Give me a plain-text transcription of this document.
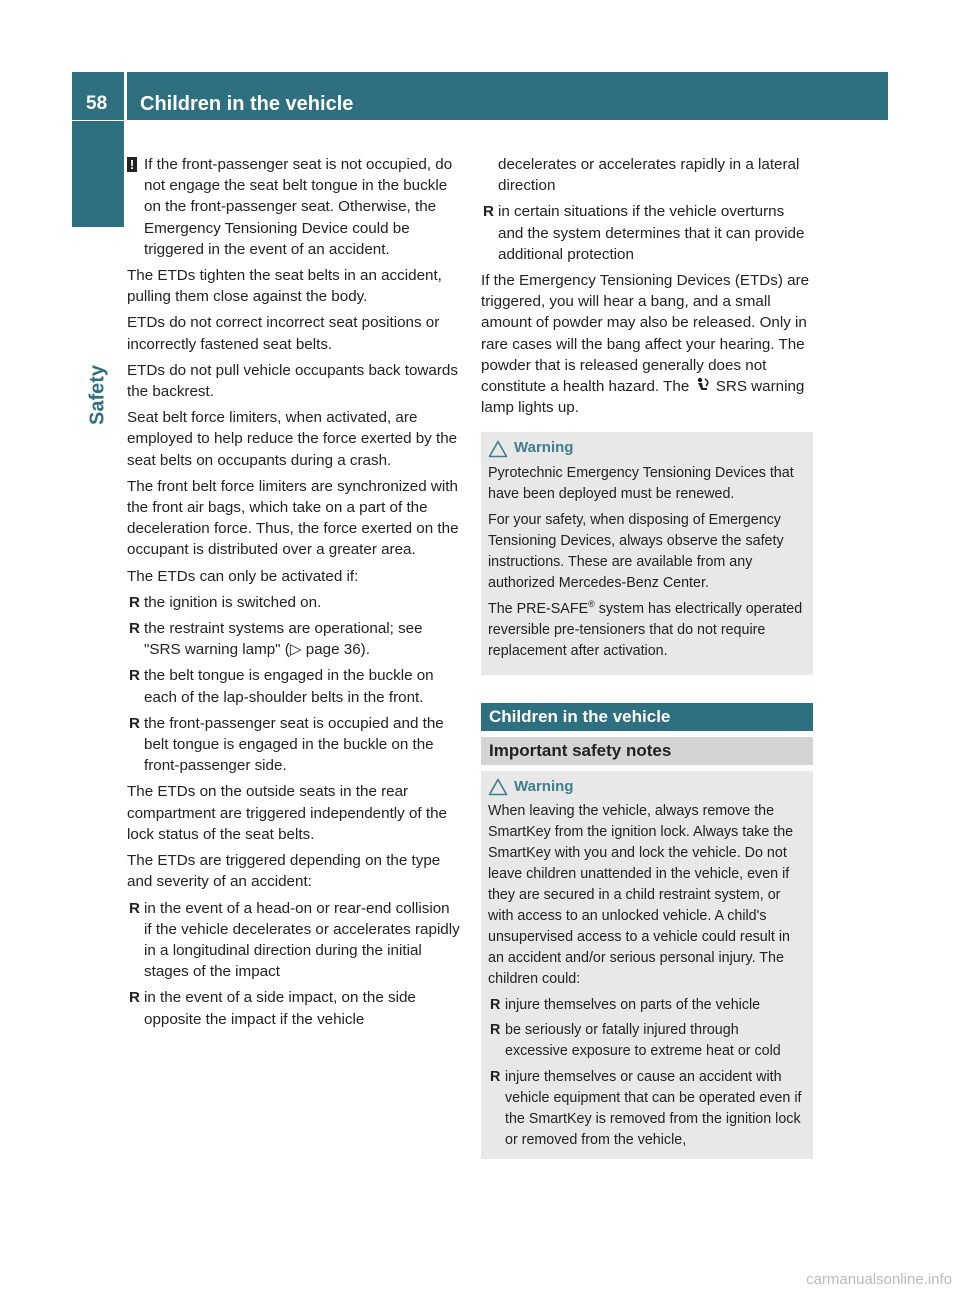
58	Children in the vehicle
Safety
! If the front-passenger seat is not occupied, do not engage the seat belt tongue in the buckle on the front-passenger seat. Otherwise, the Emergency Tensioning Device could be triggered in the event of an accident.

The ETDs tighten the seat belts in an accident, pulling them close against the body.

ETDs do not correct incorrect seat positions or incorrectly fastened seat belts.

ETDs do not pull vehicle occupants back towards the backrest.

Seat belt force limiters, when activated, are employed to help reduce the force exerted by the seat belts on occupants during a crash.

The front belt force limiters are synchronized with the front air bags, which take on a part of the deceleration force. Thus, the force exerted on the occupant is distributed over a greater area.

The ETDs can only be activated if:

R the ignition is switched on.
R the restraint systems are operational; see "SRS warning lamp" (▷ page 36).
R the belt tongue is engaged in the buckle on each of the lap-shoulder belts in the front.
R the front-passenger seat is occupied and the belt tongue is engaged in the buckle on the front-passenger side.

The ETDs on the outside seats in the rear compartment are triggered independently of the lock status of the seat belts.

The ETDs are triggered depending on the type and severity of an accident:

R in the event of a head-on or rear-end collision if the vehicle decelerates or accelerates rapidly in a longitudinal direction during the initial stages of the impact
R in the event of a side impact, on the side opposite the impact if the vehicle

decelerates or accelerates rapidly in a lateral direction

R in certain situations if the vehicle overturns and the system determines that it can provide additional protection

If the Emergency Tensioning Devices (ETDs) are triggered, you will hear a bang, and a small amount of powder may also be released. Only in rare cases will the bang affect your hearing. The powder that is released generally does not constitute a health hazard. The SRS warning lamp lights up.

Warning

Pyrotechnic Emergency Tensioning Devices that have been deployed must be renewed.

For your safety, when disposing of Emergency Tensioning Devices, always observe the safety instructions. These are available from any authorized Mercedes-Benz Center.

The PRE-SAFE® system has electrically operated reversible pre-tensioners that do not require replacement after activation.

Children in the vehicle
Important safety notes
Warning

When leaving the vehicle, always remove the SmartKey from the ignition lock. Always take the SmartKey with you and lock the vehicle. Do not leave children unattended in the vehicle, even if they are secured in a child restraint system, or with access to an unlocked vehicle. A child's unsupervised access to a vehicle could result in an accident and/or serious personal injury. The children could:

R injure themselves on parts of the vehicle
R be seriously or fatally injured through excessive exposure to extreme heat or cold
R injure themselves or cause an accident with vehicle equipment that can be operated even if the SmartKey is removed from the ignition lock or removed from the vehicle,
carmanualsonline.info
